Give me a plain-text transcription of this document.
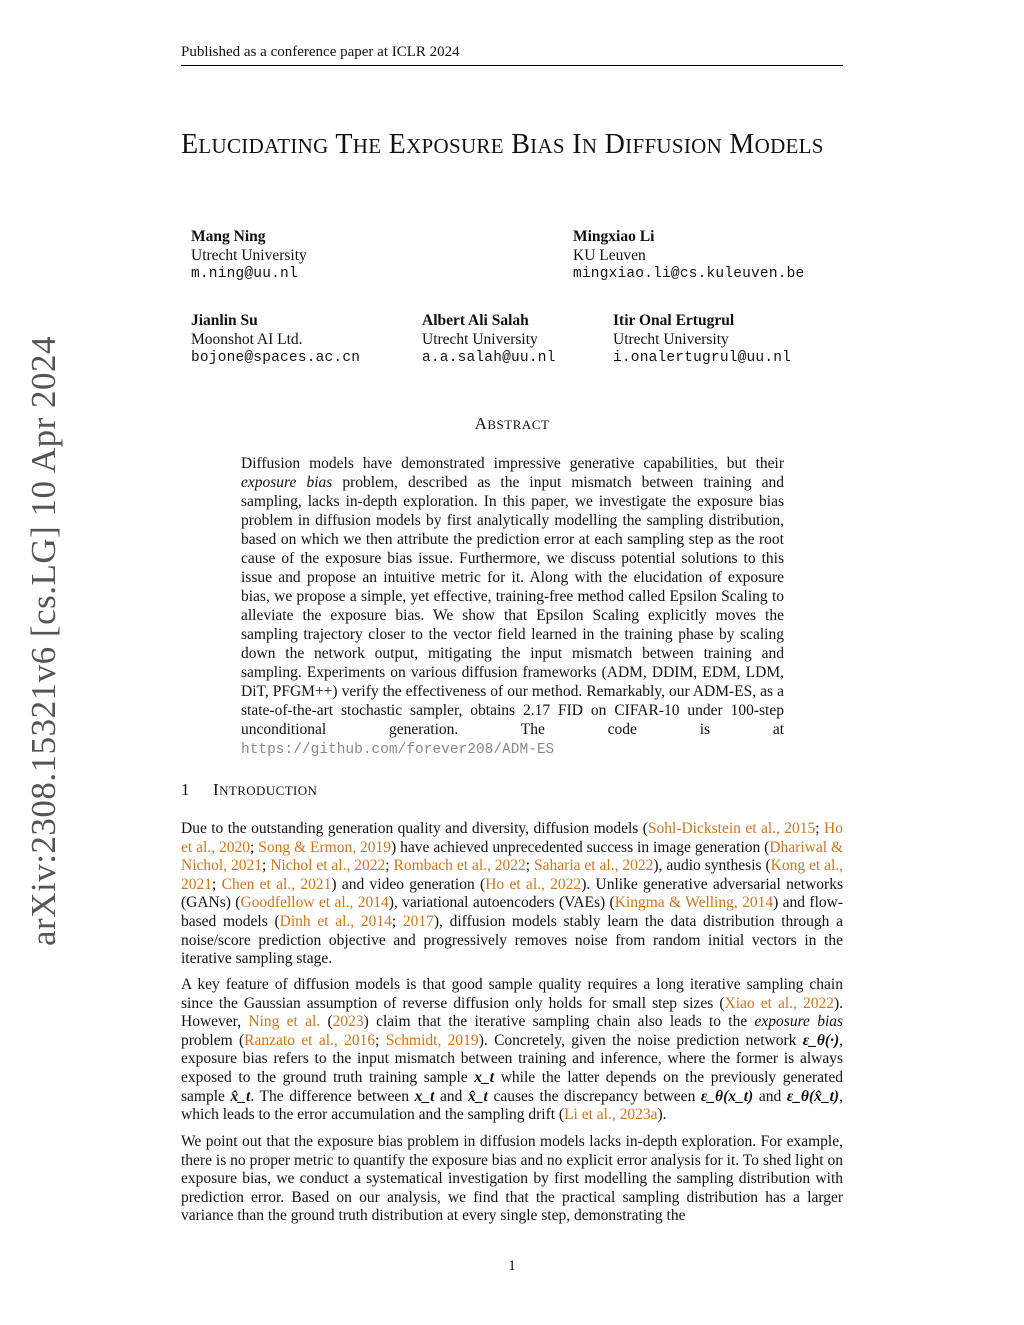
Published as a conference paper at ICLR 2024
arXiv:2308.15321v6 [cs.LG] 10 Apr 2024
ELUCIDATING THE EXPOSURE BIAS IN DIFFUSION MODELS
Mang Ning
Utrecht University
m.ning@uu.nl
Mingxiao Li
KU Leuven
mingxiao.li@cs.kuleuven.be
Jianlin Su
Moonshot AI Ltd.
bojone@spaces.ac.cn
Albert Ali Salah
Utrecht University
a.a.salah@uu.nl
Itir Onal Ertugrul
Utrecht University
i.onalertugrul@uu.nl
ABSTRACT
Diffusion models have demonstrated impressive generative capabilities, but their exposure bias problem, described as the input mismatch between training and sampling, lacks in-depth exploration. In this paper, we investigate the exposure bias problem in diffusion models by first analytically modelling the sampling distribution, based on which we then attribute the prediction error at each sampling step as the root cause of the exposure bias issue. Furthermore, we discuss potential solutions to this issue and propose an intuitive metric for it. Along with the elucidation of exposure bias, we propose a simple, yet effective, training-free method called Epsilon Scaling to alleviate the exposure bias. We show that Epsilon Scaling explicitly moves the sampling trajectory closer to the vector field learned in the training phase by scaling down the network output, mitigating the input mismatch between training and sampling. Experiments on various diffusion frameworks (ADM, DDIM, EDM, LDM, DiT, PFGM++) verify the effectiveness of our method. Remarkably, our ADM-ES, as a state-of-the-art stochastic sampler, obtains 2.17 FID on CIFAR-10 under 100-step unconditional generation. The code is at https://github.com/forever208/ADM-ES
1 INTRODUCTION
Due to the outstanding generation quality and diversity, diffusion models (Sohl-Dickstein et al., 2015; Ho et al., 2020; Song & Ermon, 2019) have achieved unprecedented success in image generation (Dhariwal & Nichol, 2021; Nichol et al., 2022; Rombach et al., 2022; Saharia et al., 2022), audio synthesis (Kong et al., 2021; Chen et al., 2021) and video generation (Ho et al., 2022). Unlike generative adversarial networks (GANs) (Goodfellow et al., 2014), variational autoencoders (VAEs) (Kingma & Welling, 2014) and flow-based models (Dinh et al., 2014; 2017), diffusion models stably learn the data distribution through a noise/score prediction objective and progressively removes noise from random initial vectors in the iterative sampling stage.
A key feature of diffusion models is that good sample quality requires a long iterative sampling chain since the Gaussian assumption of reverse diffusion only holds for small step sizes (Xiao et al., 2022). However, Ning et al. (2023) claim that the iterative sampling chain also leads to the exposure bias problem (Ranzato et al., 2016; Schmidt, 2019). Concretely, given the noise prediction network ε_θ(·), exposure bias refers to the input mismatch between training and inference, where the former is always exposed to the ground truth training sample x_t while the latter depends on the previously generated sample x̂_t. The difference between x_t and x̂_t causes the discrepancy between ε_θ(x_t) and ε_θ(x̂_t), which leads to the error accumulation and the sampling drift (Li et al., 2023a).
We point out that the exposure bias problem in diffusion models lacks in-depth exploration. For example, there is no proper metric to quantify the exposure bias and no explicit error analysis for it. To shed light on exposure bias, we conduct a systematical investigation by first modelling the sampling distribution with prediction error. Based on our analysis, we find that the practical sampling distribution has a larger variance than the ground truth distribution at every single step, demonstrating the
1
